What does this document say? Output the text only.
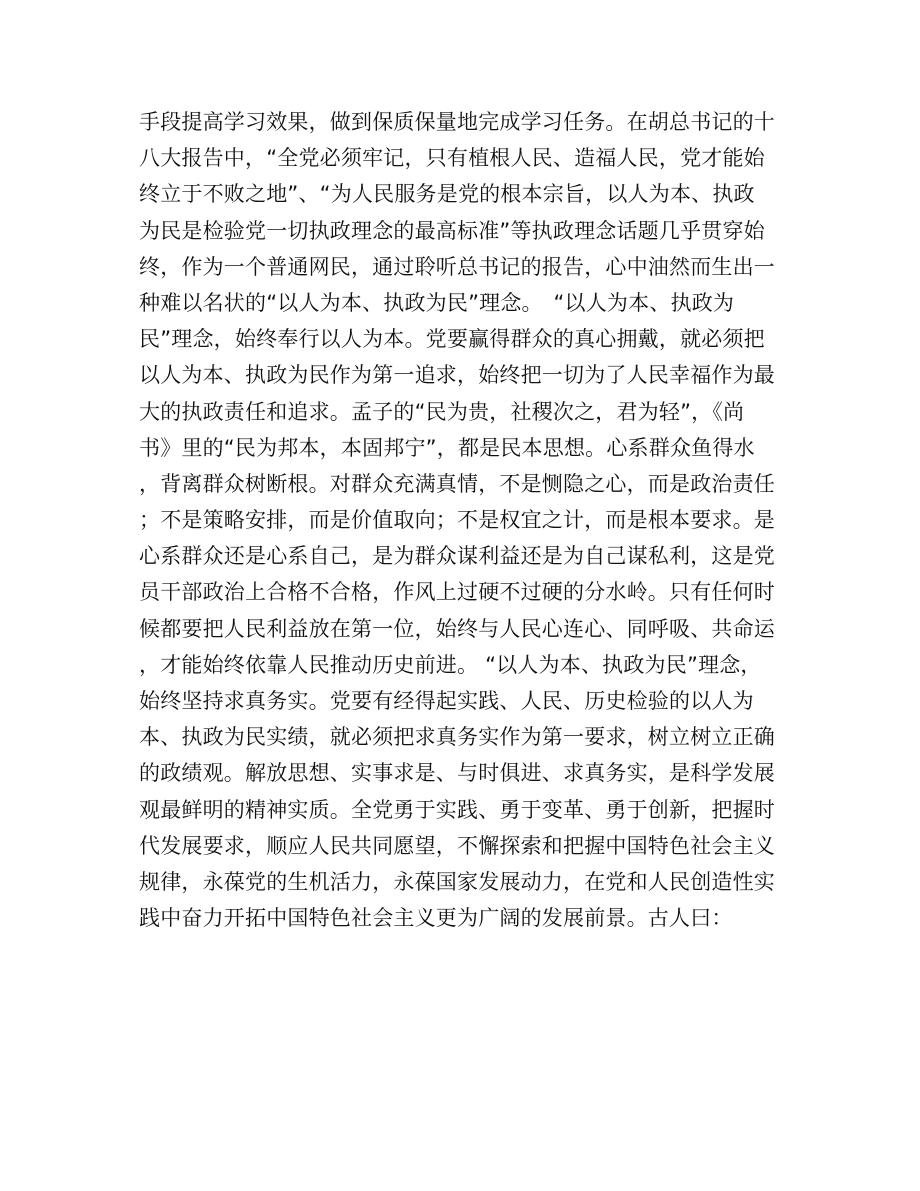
手段提高学习效果，做到保质保量地完成学习任务。在胡总书记的十
八大报告中，“全党必须牢记，只有植根人民、造福人民，党才能始
终立于不败之地”、“为人民服务是党的根本宗旨，以人为本、执政
为民是检验党一切执政理念的最高标准”等执政理念话题几乎贯穿始
终，作为一个普通网民，通过聆听总书记的报告，心中油然而生出一
种难以名状的“以人为本、执政为民”理念。　“以人为本、执政为
民”理念，始终奉行以人为本。党要赢得群众的真心拥戴，就必须把
以人为本、执政为民作为第一追求，始终把一切为了人民幸福作为最
大的执政责任和追求。孟子的“民为贵，社稷次之，君为轻”，《尚
书》里的“民为邦本，本固邦宁”，都是民本思想。心系群众鱼得水
，背离群众树断根。对群众充满真情，不是恻隐之心，而是政治责任
；不是策略安排，而是价值取向；不是权宜之计，而是根本要求。是
心系群众还是心系自己，是为群众谋利益还是为自己谋私利，这是党
员干部政治上合格不合格，作风上过硬不过硬的分水岭。只有任何时
候都要把人民利益放在第一位，始终与人民心连心、同呼吸、共命运
，才能始终依靠人民推动历史前进。 “以人为本、执政为民”理念，
始终坚持求真务实。党要有经得起实践、人民、历史检验的以人为
本、执政为民实绩，就必须把求真务实作为第一要求，树立树立正确
的政绩观。解放思想、实事求是、与时俱进、求真务实，是科学发展
观最鲜明的精神实质。全党勇于实践、勇于变革、勇于创新，把握时
代发展要求，顺应人民共同愿望，不懈探索和把握中国特色社会主义
规律，永葆党的生机活力，永葆国家发展动力，在党和人民创造性实
践中奋力开拓中国特色社会主义更为广阔的发展前景。古人曰：
